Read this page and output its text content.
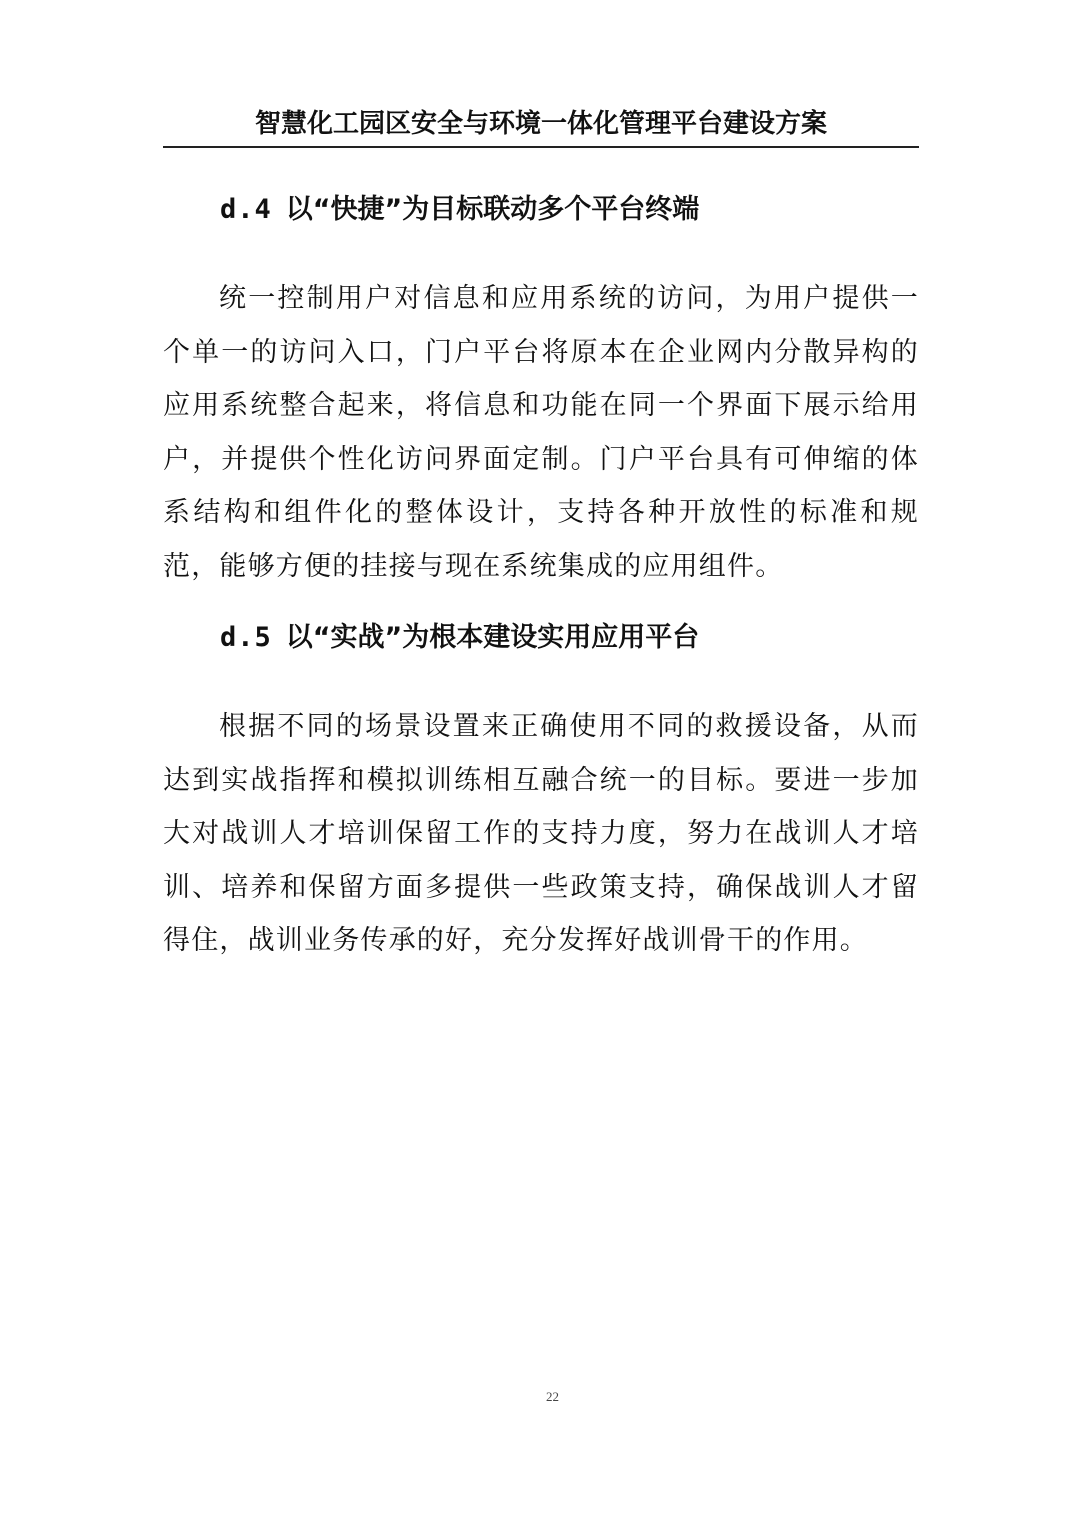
智慧化工园区安全与环境一体化管理平台建设方案
d.4 以“快捷”为目标联动多个平台终端

统一控制用户对信息和应用系统的访问，为用户提供一个单一的访问入口，门户平台将原本在企业网内分散异构的应用系统整合起来，将信息和功能在同一个界面下展示给用户，并提供个性化访问界面定制。门户平台具有可伸缩的体系结构和组件化的整体设计，支持各种开放性的标准和规范，能够方便的挂接与现在系统集成的应用组件。

d.5 以“实战”为根本建设实用应用平台

根据不同的场景设置来正确使用不同的救援设备，从而达到实战指挥和模拟训练相互融合统一的目标。要进一步加大对战训人才培训保留工作的支持力度，努力在战训人才培训、培养和保留方面多提供一些政策支持，确保战训人才留得住，战训业务传承的好，充分发挥好战训骨干的作用。

22
